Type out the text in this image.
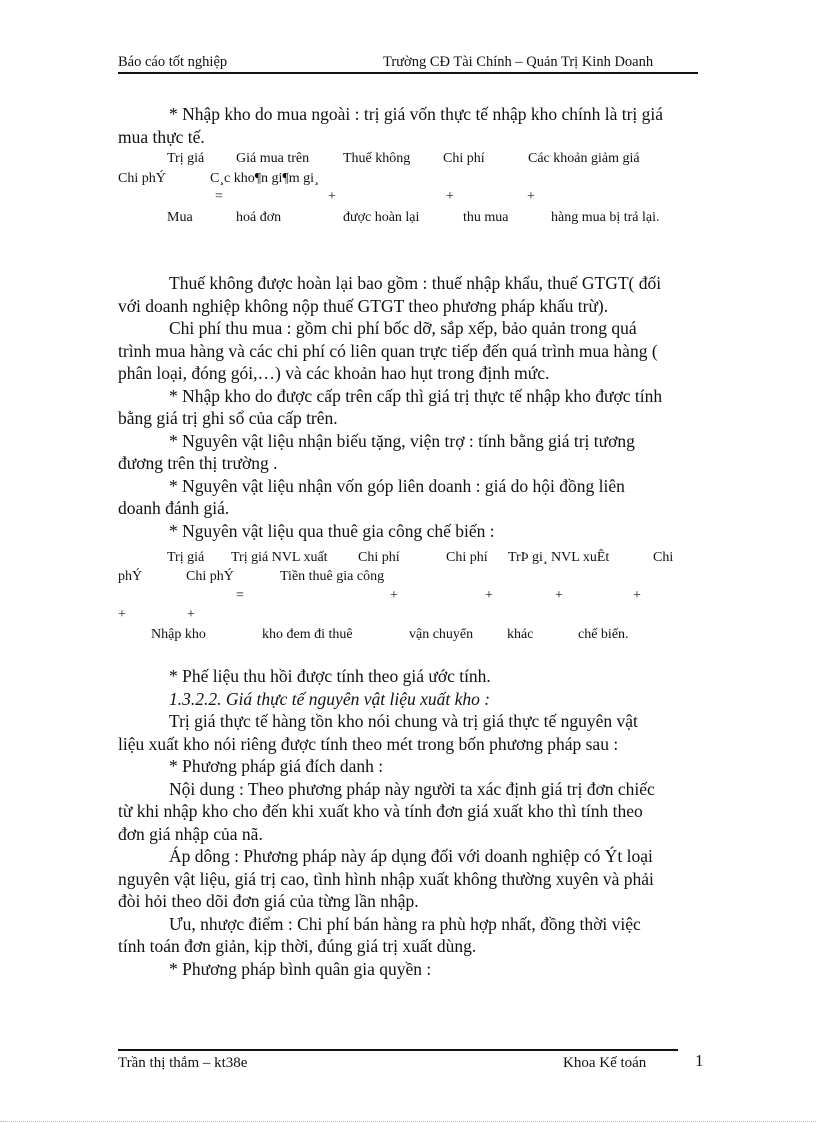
Báo cáo tốt nghiệp	Trường CĐ Tài Chính – Quản Trị Kinh Doanh
* Nhập kho do mua ngoài : trị giá vốn thực tế nhập kho chính là trị giá
mua thực tế.
Trị giá Giá mua trên Thuế không Chi phí	Các khoản giảm giá
Chi phÝ	C¸c kho¶n gi¶m gi¸
=	+	+	+
Mua	hoá đơn	được hoàn lại	thu mua	hàng mua bị trả lại.
Thuế không được hoàn lại bao gồm : thuế nhập khẩu, thuế GTGT( đối
với doanh nghiệp không nộp thuế GTGT theo phương pháp khấu trừ).
Chi phí thu mua : gồm chi phí bốc dỡ, sắp xếp, bảo quản trong quá
trình mua hàng và các chi phí có liên quan trực tiếp đến quá trình mua hàng (
phân loại, đóng gói,…) và các khoản hao hụt trong định mức.
* Nhập kho do được cấp trên cấp thì giá trị thực tế nhập kho được tính
bằng giá trị ghi sổ của cấp trên.
* Nguyên vật liệu nhận biếu tặng, viện trợ : tính bằng giá trị tương
đương trên thị trường .
* Nguyên vật liệu nhận vốn góp liên doanh : giá do hội đồng liên
doanh đánh giá.
* Nguyên vật liệu qua thuê gia công chế biến :
Trị giá Trị giá NVL xuất Chi phí	Chi phí TrÞ gi¸ NVL xuÊt	Chi
phÝ	Chi phÝ	Tiền thuê gia công
=	+	+	+	+
+	+
Nhập kho	kho đem đi thuê	vận chuyển khác	chế biến.
* Phế liệu thu hồi được tính theo giá ước tính.
1.3.2.2. Giá thực tế nguyên vật liệu xuất kho :
Trị giá thực tế hàng tồn kho nói chung và trị giá thực tế nguyên vật
liệu xuất kho nói riêng được tính theo mét trong bốn phương pháp sau :
* Phương pháp giá đích danh :
Nội dung : Theo phương pháp này người ta xác định giá trị đơn chiếc
từ khi nhập kho cho đến khi xuất kho và tính đơn giá xuất kho thì tính theo
đơn giá nhập của nã.
Áp dông : Phương pháp này áp dụng đối với doanh nghiệp có Ýt loại
nguyên vật liệu, giá trị cao, tình hình nhập xuất không thường xuyên và phải
đòi hỏi theo dõi đơn giá của từng lần nhập.
Ưu, nhược điểm : Chi phí bán hàng ra phù hợp nhất, đồng thời việc
tính toán đơn giản, kịp thời, đúng giá trị xuất dùng.
* Phương pháp bình quân gia quyền :
Trần thị thắm – kt38e	Khoa Kế toán	1
